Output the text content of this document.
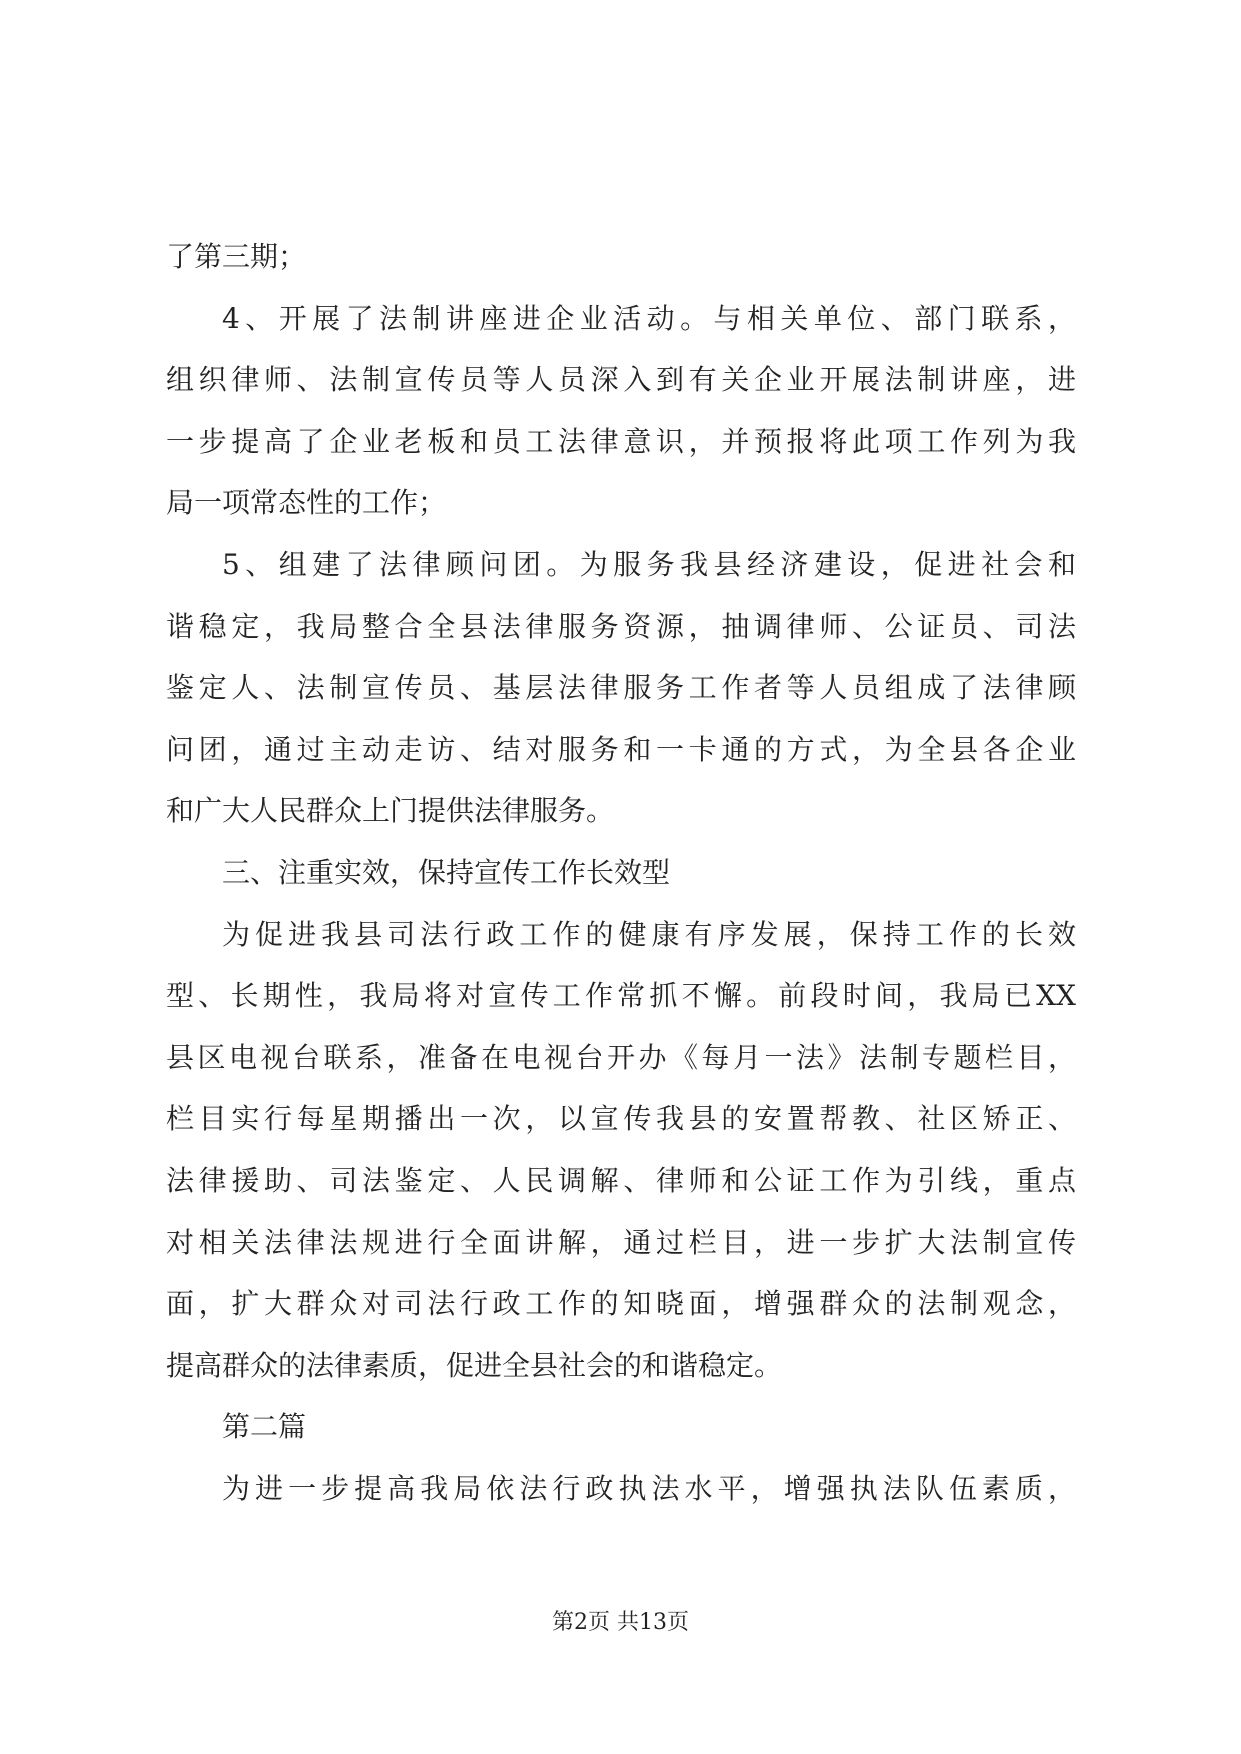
了第三期；
4、开展了法制讲座进企业活动。与相关单位、部门联系，
组织律师、法制宣传员等人员深入到有关企业开展法制讲座，进
一步提高了企业老板和员工法律意识，并预报将此项工作列为我
局一项常态性的工作；
5、组建了法律顾问团。为服务我县经济建设，促进社会和
谐稳定，我局整合全县法律服务资源，抽调律师、公证员、司法
鉴定人、法制宣传员、基层法律服务工作者等人员组成了法律顾
问团，通过主动走访、结对服务和一卡通的方式，为全县各企业
和广大人民群众上门提供法律服务。
三、注重实效，保持宣传工作长效型
为促进我县司法行政工作的健康有序发展，保持工作的长效
型、长期性，我局将对宣传工作常抓不懈。前段时间，我局已XX
县区电视台联系，准备在电视台开办《每月一法》法制专题栏目，
栏目实行每星期播出一次，以宣传我县的安置帮教、社区矫正、
法律援助、司法鉴定、人民调解、律师和公证工作为引线，重点
对相关法律法规进行全面讲解，通过栏目，进一步扩大法制宣传
面，扩大群众对司法行政工作的知晓面，增强群众的法制观念，
提高群众的法律素质，促进全县社会的和谐稳定。
第二篇
为进一步提高我局依法行政执法水平，增强执法队伍素质，
第2页 共13页
